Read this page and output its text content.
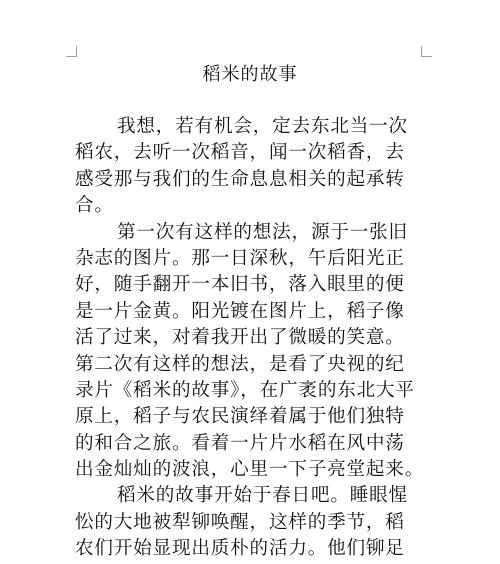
稻米的故事
我想，若有机会，定去东北当一次
稻农，去听一次稻音，闻一次稻香，去
感受那与我们的生命息息相关的起承转
合。
第一次有这样的想法，源于一张旧
杂志的图片。那一日深秋，午后阳光正
好，随手翻开一本旧书，落入眼里的便
是一片金黄。阳光镀在图片上，稻子像
活了过来，对着我开出了微暖的笑意。
第二次有这样的想法，是看了央视的纪
录片《稻米的故事》，在广袤的东北大平
原上，稻子与农民演绎着属于他们独特
的和合之旅。看着一片片水稻在风中荡
出金灿灿的波浪，心里一下子亮堂起来。
稻米的故事开始于春日吧。睡眼惺
忪的大地被犁铆唤醒，这样的季节，稻
农们开始显现出质朴的活力。他们铆足
